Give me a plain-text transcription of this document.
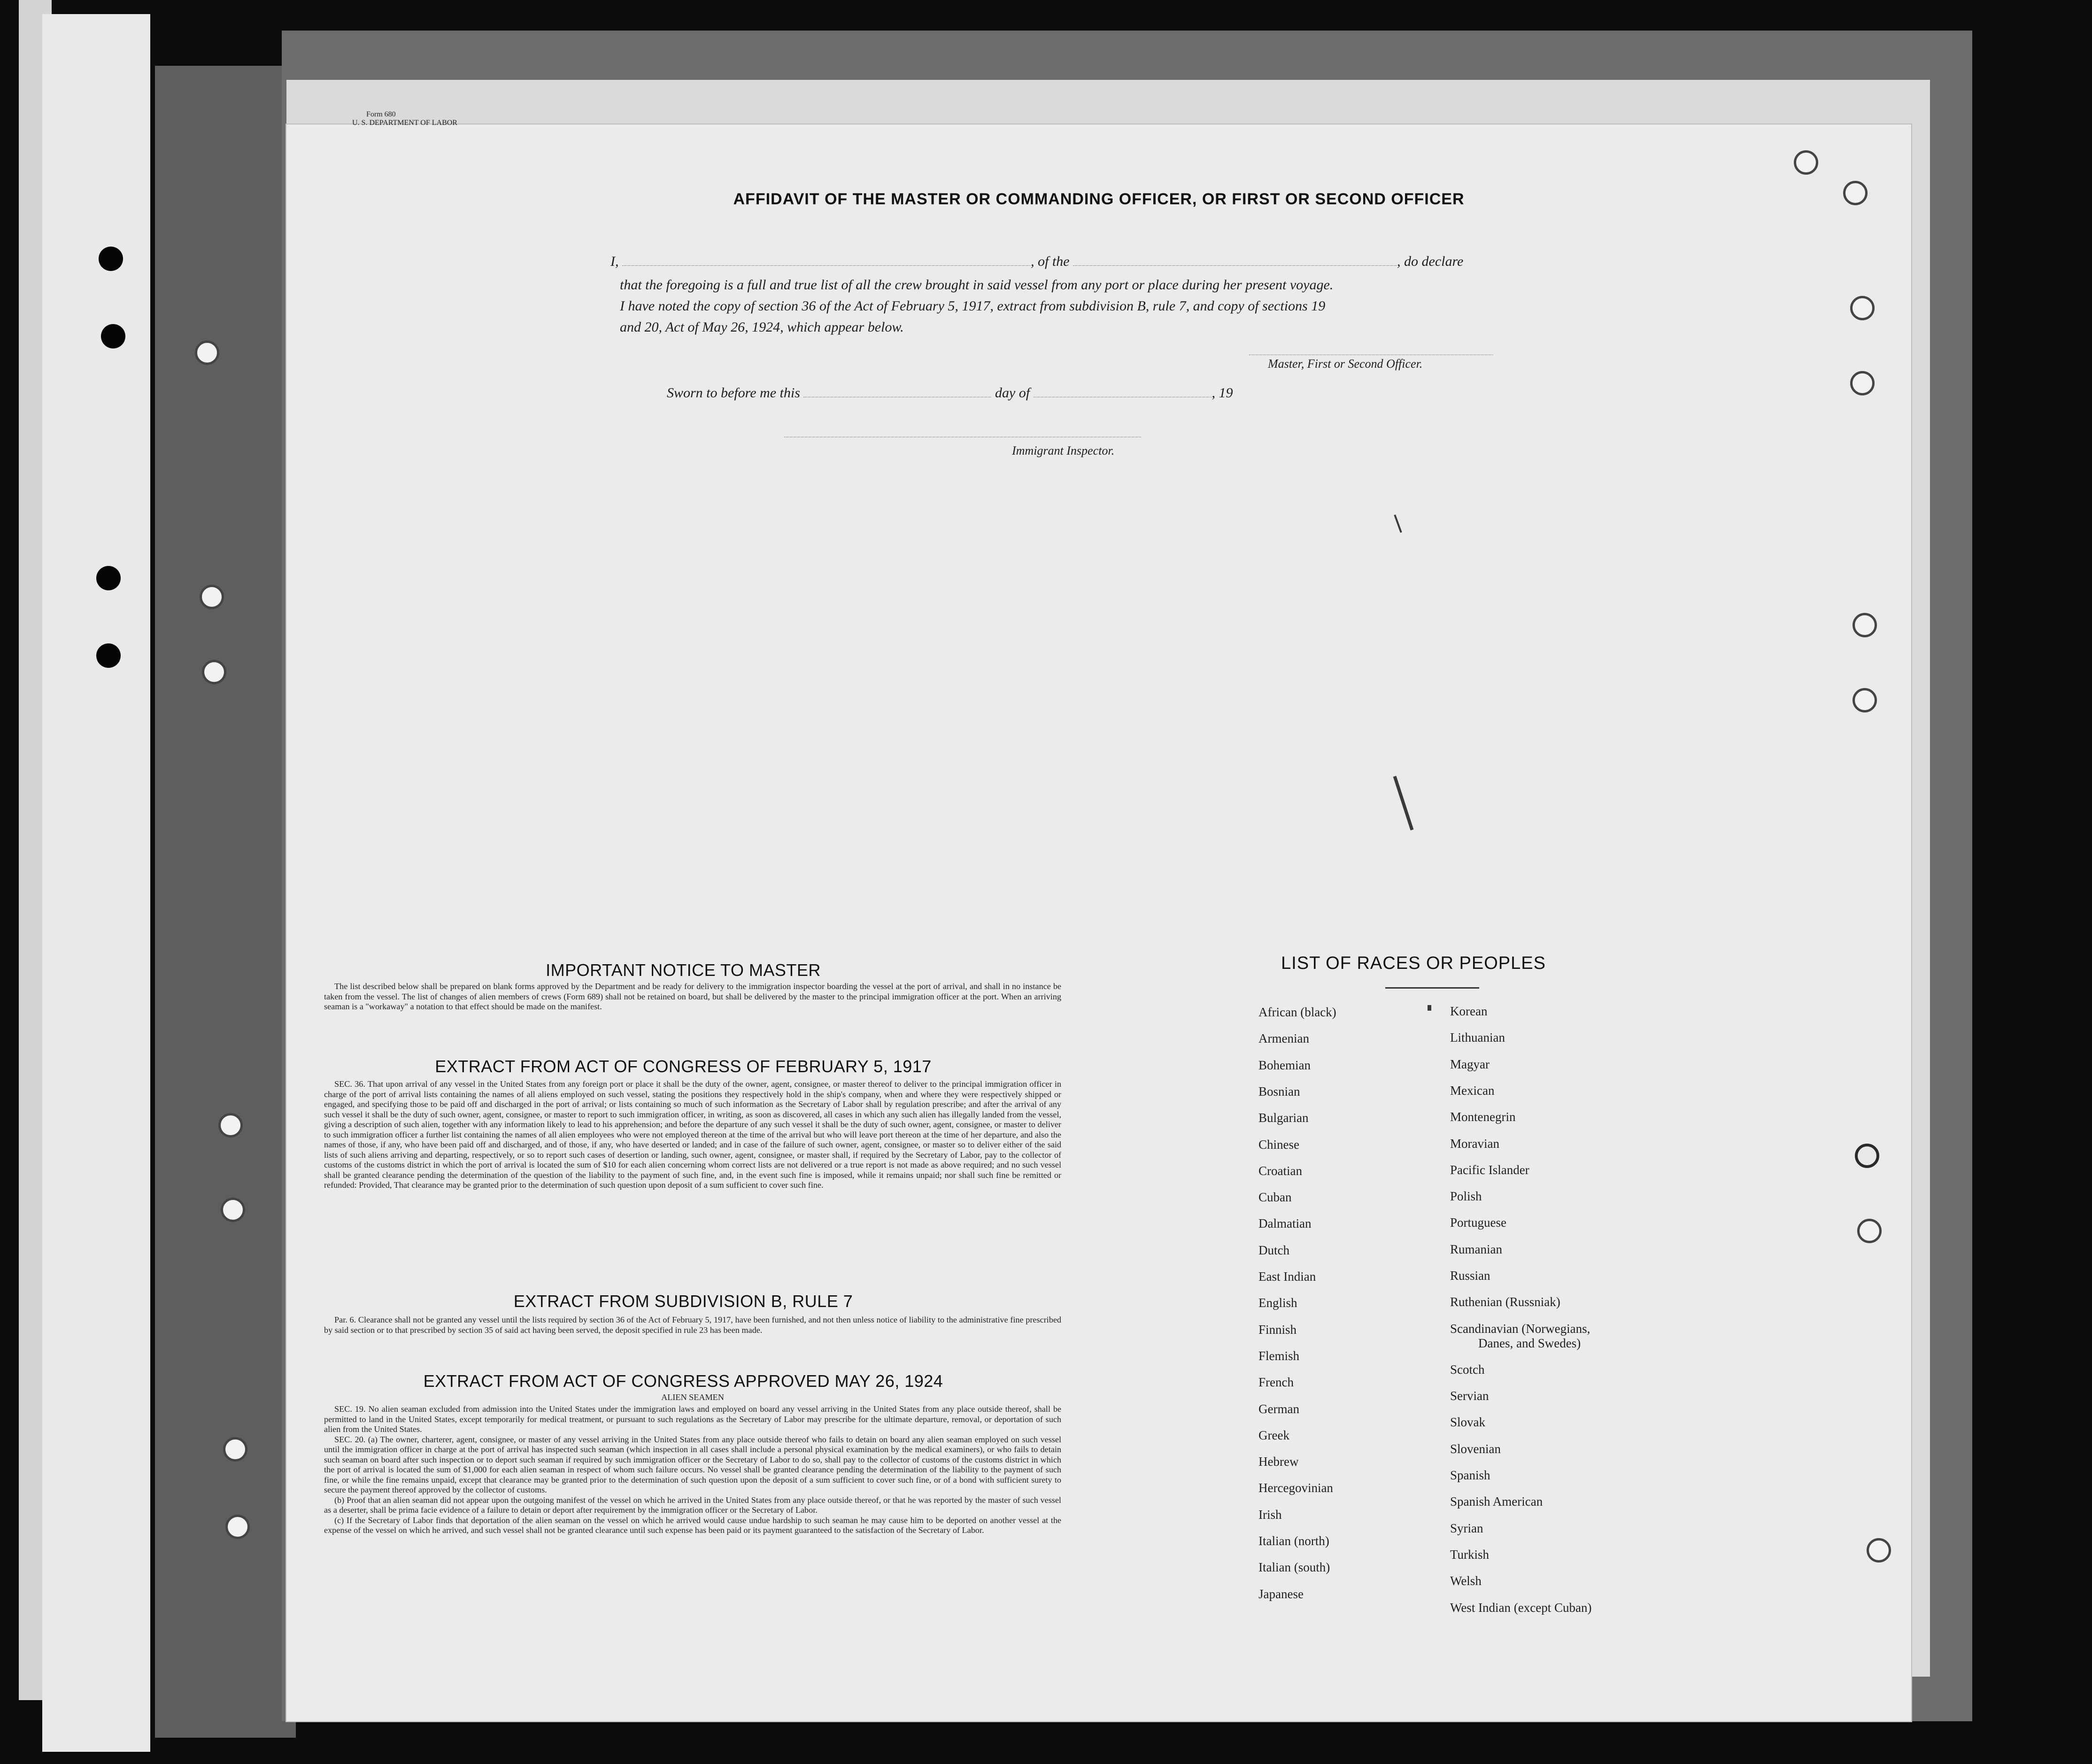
Form 680
U. S. DEPARTMENT OF LABOR
AFFIDAVIT OF THE MASTER OR COMMANDING OFFICER, OR FIRST OR SECOND OFFICER
I,	, of the	, do declare
that the foregoing is a full and true list of all the crew brought in said vessel from any port or place during her present voyage.
I have noted the copy of section 36 of the Act of February 5, 1917, extract from subdivision B, rule 7, and copy of sections 19
and 20, Act of May 26, 1924, which appear below.
Master, First or Second Officer.
Sworn to before me this	day of	, 19
Immigrant Inspector.
IMPORTANT NOTICE TO MASTER

The list described below shall be prepared on blank forms approved by the Department and be ready for delivery to the immigration inspector boarding the vessel at the port of arrival, and shall in no instance be taken from the vessel. The list of changes of alien members of crews (Form 689) shall not be retained on board, but shall be delivered by the master to the principal immigration officer at the port. When an arriving seaman is a "workaway" a notation to that effect should be made on the manifest.

EXTRACT FROM ACT OF CONGRESS OF FEBRUARY 5, 1917

SEC. 36. That upon arrival of any vessel in the United States from any foreign port or place it shall be the duty of the owner, agent, consignee, or master thereof to deliver to the principal immigration officer in charge of the port of arrival lists containing the names of all aliens employed on such vessel, stating the positions they respectively hold in the ship's company, when and where they were respectively shipped or engaged, and specifying those to be paid off and discharged in the port of arrival; or lists containing so much of such information as the Secretary of Labor shall by regulation prescribe; and after the arrival of any such vessel it shall be the duty of such owner, agent, consignee, or master to report to such immigration officer, in writing, as soon as discovered, all cases in which any such alien has illegally landed from the vessel, giving a description of such alien, together with any information likely to lead to his apprehension; and before the departure of any such vessel it shall be the duty of such owner, agent, consignee, or master to deliver to such immigration officer a further list containing the names of all alien employees who were not employed thereon at the time of the arrival but who will leave port thereon at the time of her departure, and also the names of those, if any, who have been paid off and discharged, and of those, if any, who have deserted or landed; and in case of the failure of such owner, agent, consignee, or master so to deliver either of the said lists of such aliens arriving and departing, respectively, or so to report such cases of desertion or landing, such owner, agent, consignee, or master shall, if required by the Secretary of Labor, pay to the collector of customs of the customs district in which the port of arrival is located the sum of $10 for each alien concerning whom correct lists are not delivered or a true report is not made as above required; and no such vessel shall be granted clearance pending the determination of the question of the liability to the payment of such fine, and, in the event such fine is imposed, while it remains unpaid; nor shall such fine be remitted or refunded: Provided, That clearance may be granted prior to the determination of such question upon deposit of a sum sufficient to cover such fine.

EXTRACT FROM SUBDIVISION B, RULE 7

Par. 6. Clearance shall not be granted any vessel until the lists required by section 36 of the Act of February 5, 1917, have been furnished, and not then unless notice of liability to the administrative fine prescribed by said section or to that prescribed by section 35 of said act having been served, the deposit specified in rule 23 has been made.

EXTRACT FROM ACT OF CONGRESS APPROVED MAY 26, 1924
ALIEN SEAMEN

SEC. 19. No alien seaman excluded from admission into the United States under the immigration laws and employed on board any vessel arriving in the United States from any place outside thereof, shall be permitted to land in the United States, except temporarily for medical treatment, or pursuant to such regulations as the Secretary of Labor may prescribe for the ultimate departure, removal, or deportation of such alien from the United States.

SEC. 20. (a) The owner, charterer, agent, consignee, or master of any vessel arriving in the United States from any place outside thereof who fails to detain on board any alien seaman employed on such vessel until the immigration officer in charge at the port of arrival has inspected such seaman (which inspection in all cases shall include a personal physical examination by the medical examiners), or who fails to detain such seaman on board after such inspection or to deport such seaman if required by such immigration officer or the Secretary of Labor to do so, shall pay to the collector of customs of the customs district in which the port of arrival is located the sum of $1,000 for each alien seaman in respect of whom such failure occurs. No vessel shall be granted clearance pending the determination of the liability to the payment of such fine, or while the fine remains unpaid, except that clearance may be granted prior to the determination of such question upon the deposit of a sum sufficient to cover such fine, or of a bond with sufficient surety to secure the payment thereof approved by the collector of customs.

(b) Proof that an alien seaman did not appear upon the outgoing manifest of the vessel on which he arrived in the United States from any place outside thereof, or that he was reported by the master of such vessel as a deserter, shall be prima facie evidence of a failure to detain or deport after requirement by the immigration officer or the Secretary of Labor.

(c) If the Secretary of Labor finds that deportation of the alien seaman on the vessel on which he arrived would cause undue hardship to such seaman he may cause him to be deported on another vessel at the expense of the vessel on which he arrived, and such vessel shall not be granted clearance until such expense has been paid or its payment guaranteed to the satisfaction of the Secretary of Labor.

LIST OF RACES OR PEOPLES
African (black)
Armenian
Bohemian
Bosnian
Bulgarian
Chinese
Croatian
Cuban
Dalmatian
Dutch
East Indian
English
Finnish
Flemish
French
German
Greek
Hebrew
Hercegovinian
Irish
Italian (north)
Italian (south)
Japanese
Korean
Lithuanian
Magyar
Mexican
Montenegrin
Moravian
Pacific Islander
Polish
Portuguese
Rumanian
Russian
Ruthenian (Russniak)
Scandinavian (Norwegians,
Danes, and Swedes)
Scotch
Servian
Slovak
Slovenian
Spanish
Spanish American
Syrian
Turkish
Welsh
West Indian (except Cuban)
